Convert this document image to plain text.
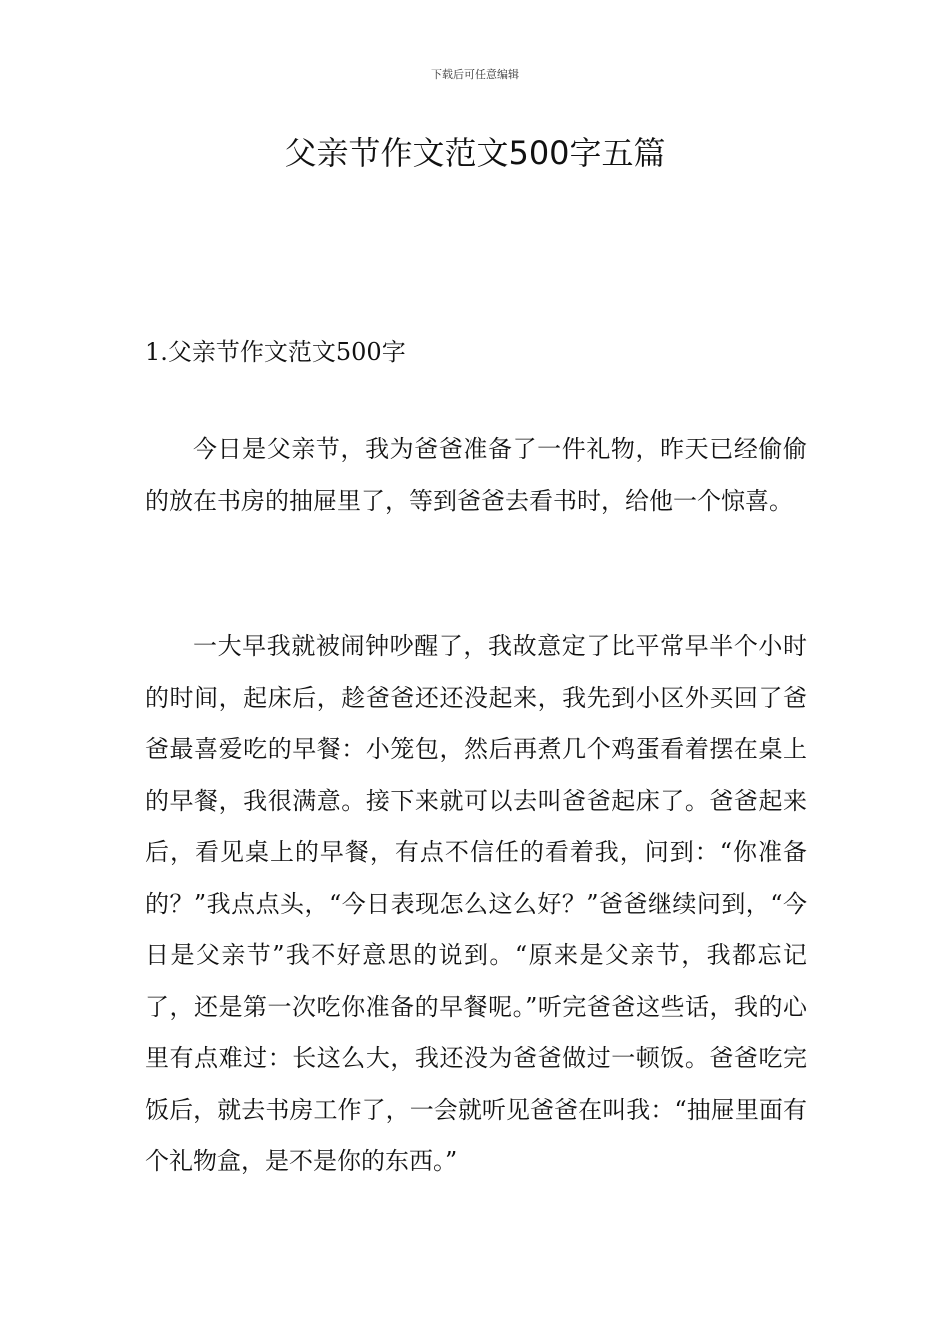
下载后可任意编辑
父亲节作文范文500字五篇
1.父亲节作文范文500字

今日是父亲节，我为爸爸准备了一件礼物，昨天已经偷偷的放在书房的抽屉里了，等到爸爸去看书时，给他一个惊喜。

一大早我就被闹钟吵醒了，我故意定了比平常早半个小时的时间，起床后，趁爸爸还还没起来，我先到小区外买回了爸爸最喜爱吃的早餐：小笼包，然后再煮几个鸡蛋看着摆在桌上的早餐，我很满意。接下来就可以去叫爸爸起床了。爸爸起来后，看见桌上的早餐，有点不信任的看着我，问到：“你准备的？”我点点头，“今日表现怎么这么好？”爸爸继续问到，“今日是父亲节”我不好意思的说到。“原来是父亲节，我都忘记了，还是第一次吃你准备的早餐呢。”听完爸爸这些话，我的心里有点难过：长这么大，我还没为爸爸做过一顿饭。爸爸吃完饭后，就去书房工作了，一会就听见爸爸在叫我：“抽屉里面有个礼物盒，是不是你的东西。”
